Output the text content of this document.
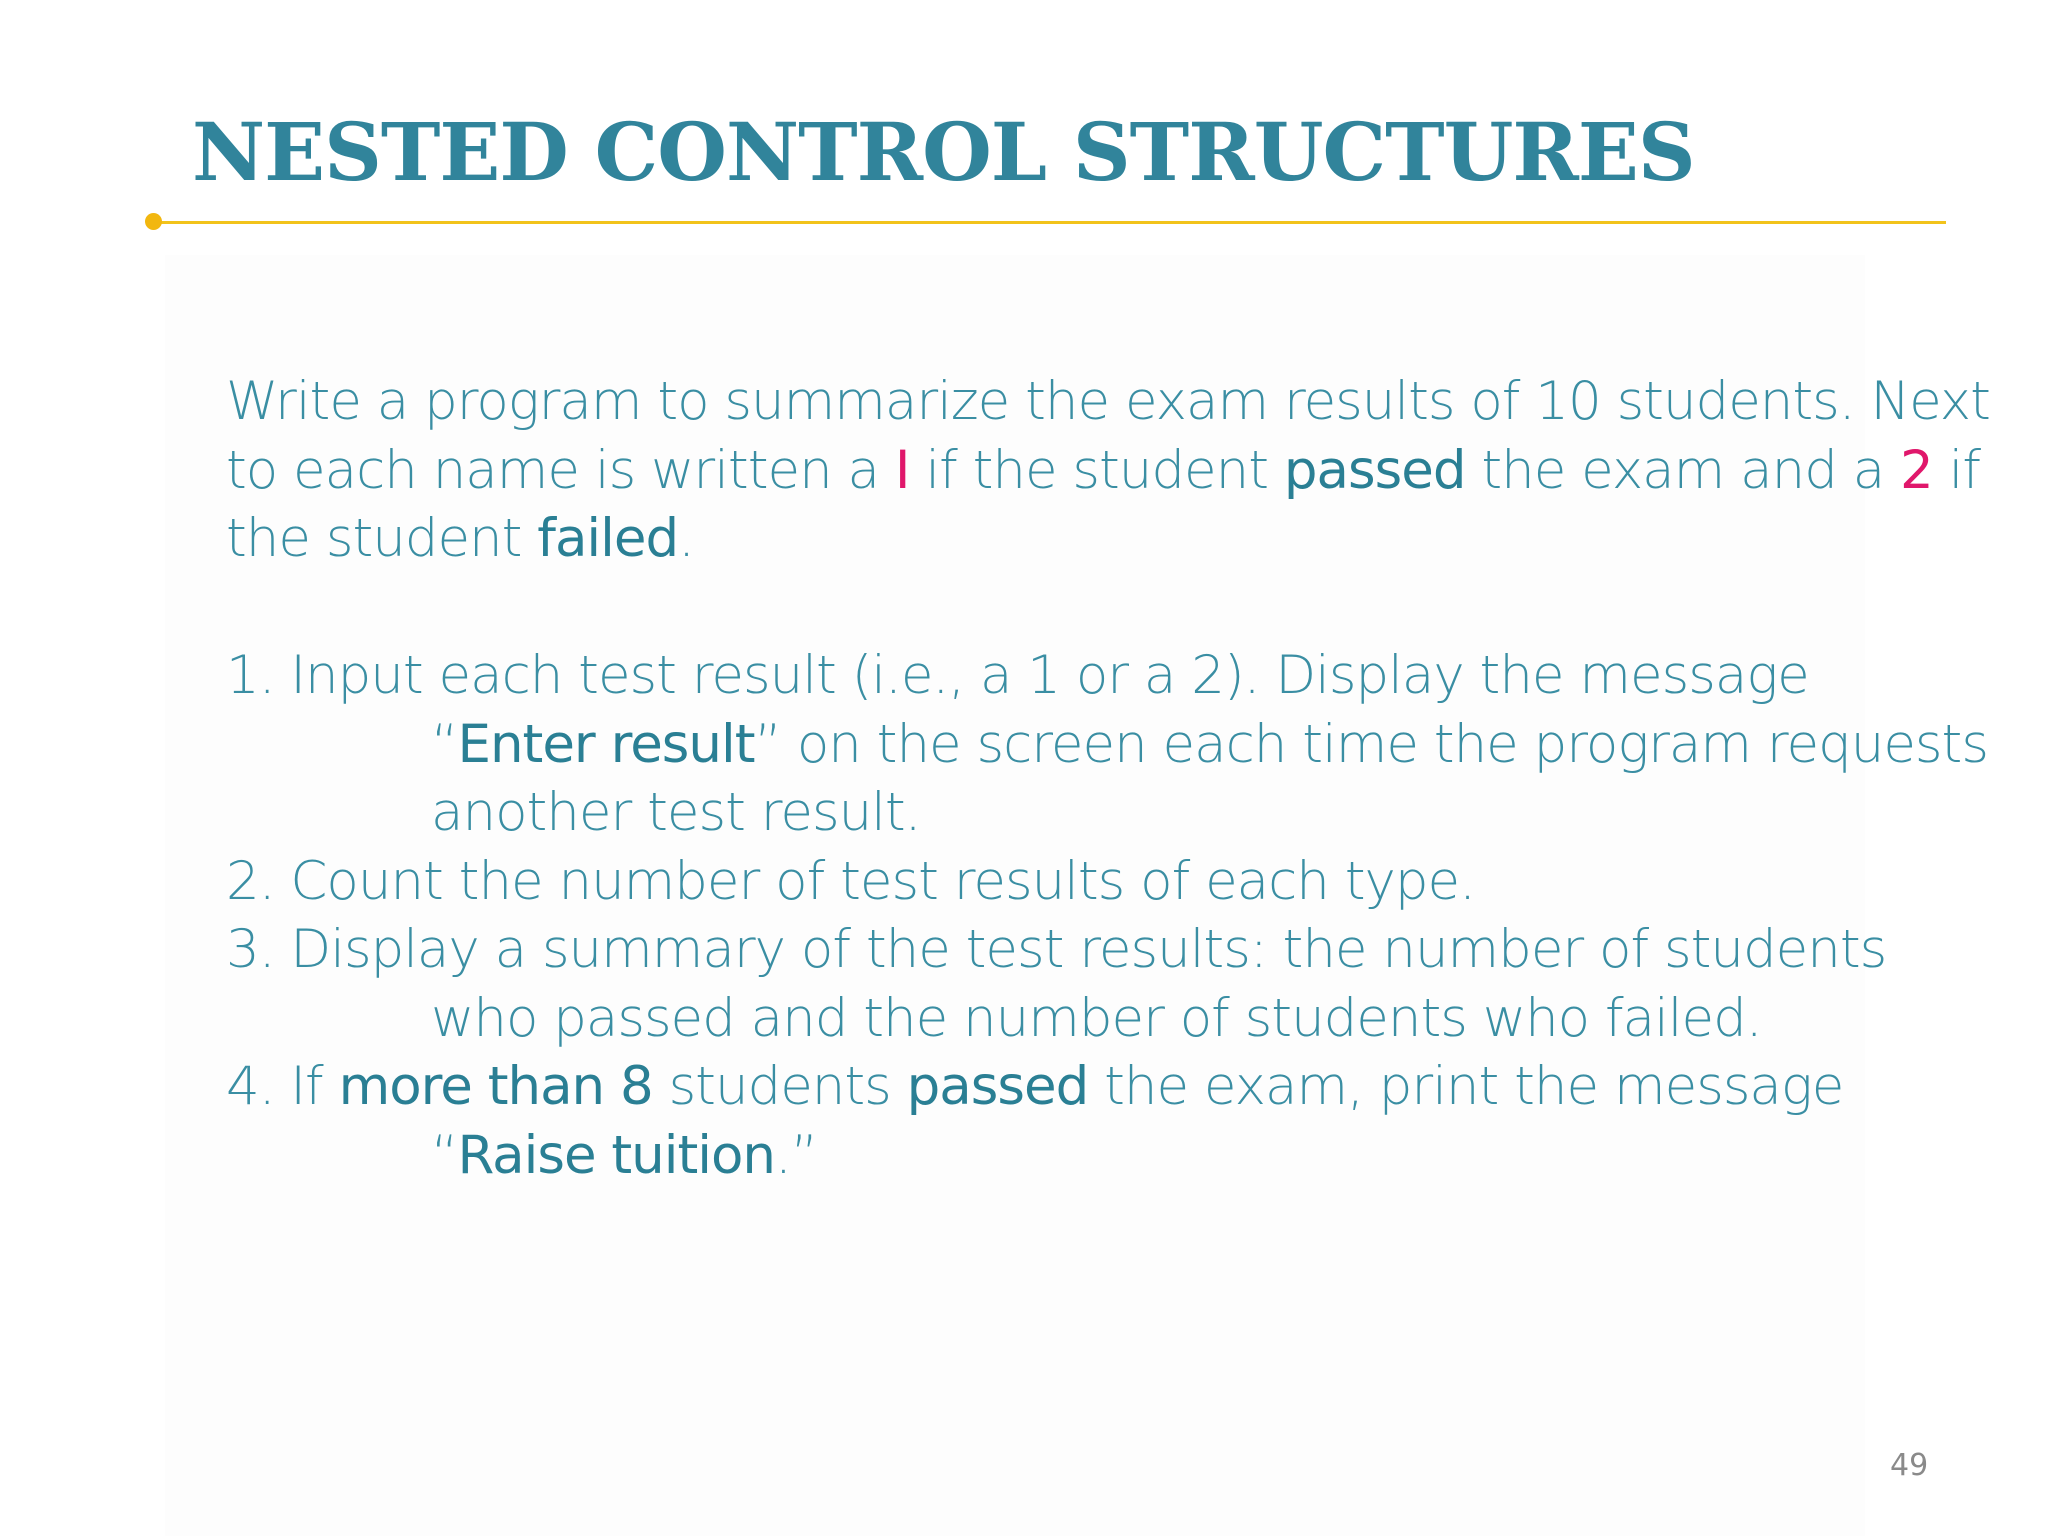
NESTED CONTROL STRUCTURES
Write a program to summarize the exam results of 10 students. Next
to each name is written a I if the student passed the exam and a 2 if
the student failed.
1. Input each test result (i.e., a 1 or a 2). Display the message
“Enter result” on the screen each time the program requests
another test result.
2. Count the number of test results of each type.
3. Display a summary of the test results: the number of students
who passed and the number of students who failed.
4. If more than 8 students passed the exam, print the message
“Raise tuition.”
49
